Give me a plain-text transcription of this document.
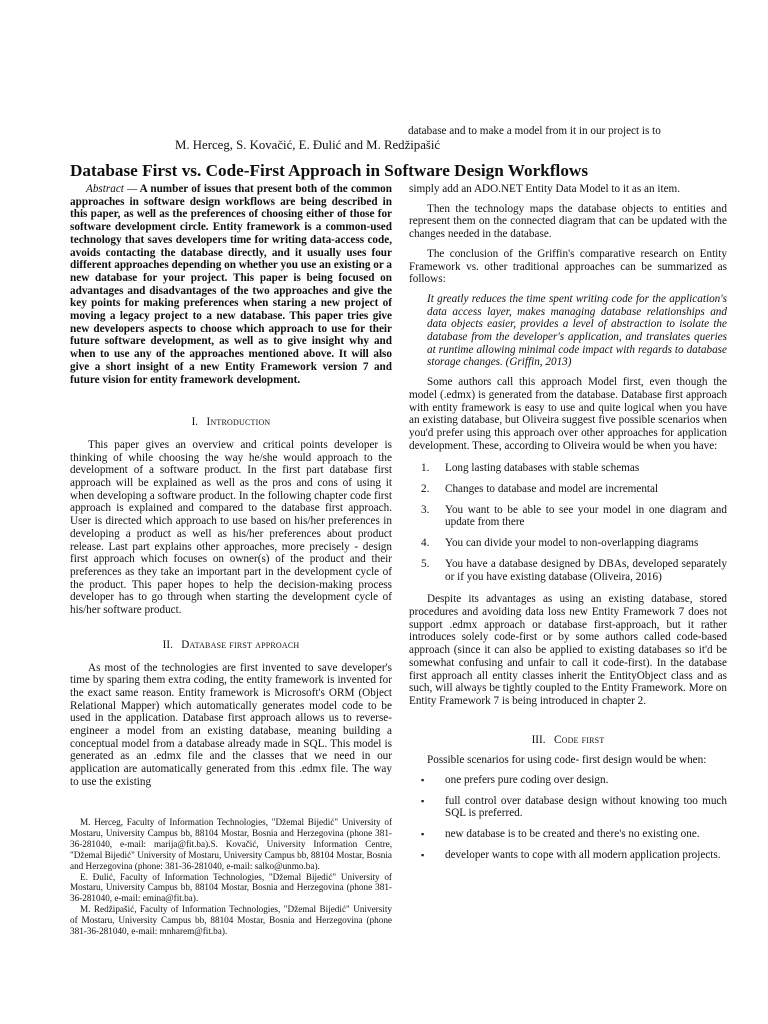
database and to make a model from it in our project is to
M. Herceg, S. Kovačić, E. Đulić and M. Redžipašić
Database First vs. Code-First Approach in Software Design Workflows

Abstract — A number of issues that present both of the common approaches in software design workflows are being described in this paper, as well as the preferences of choosing either of those for software development circle. Entity framework is a common-used technology that saves developers time for writing data-access code, avoids contacting the database directly, and it usually uses four different approaches depending on whether you use an existing or a new database for your project. This paper is being focused on advantages and disadvantages of the two approaches and give the key points for making preferences when staring a new project of moving a legacy project to a new database. This paper tries give new developers aspects to choose which approach to use for their future software development, as well as to give insight why and when to use any of the approaches mentioned above. It will also give a short insight of a new Entity Framework version 7 and future vision for entity framework development.

I. Introduction

This paper gives an overview and critical points developer is thinking of while choosing the way he/she would approach to the development of a software product. In the first part database first approach will be explained as well as the pros and cons of using it when developing a software product. In the following chapter code first approach is explained and compared to the database first approach. User is directed which approach to use based on his/her preferences in developing a product as well as his/her preferences about product release. Last part explains other approaches, more precisely - design first approach which focuses on owner(s) of the product and their preferences as they take an important part in the development cycle of the product. This paper hopes to help the decision-making process developer has to go through when starting the development cycle of his/her software product.

II. Database first approach

As most of the technologies are first invented to save developer's time by sparing them extra coding, the entity framework is invented for the exact same reason. Entity framework is Microsoft's ORM (Object Relational Mapper) which automatically generates model code to be used in the application. Database first approach allows us to reverse-engineer a model from an existing database, meaning building a conceptual model from a database already made in SQL. This model is generated as an .edmx file and the classes that we need in our application are automatically generated from this .edmx file. The way to use the existing

M. Herceg, Faculty of Information Technologies, "Džemal Bijedić" University of Mostaru, University Campus bb, 88104 Mostar, Bosnia and Herzegovina (phone 381-36-281040, e-mail: marija@fit.ba).S. Kovačić, University Information Centre, "Džemal Bijedić" University of Mostaru, University Campus bb, 88104 Mostar, Bosnia and Herzegovina (phone: 381-36-281040, e-mail: salko@unmo.ba).

E. Đulić, Faculty of Information Technologies, "Džemal Bijedić" University of Mostaru, University Campus bb, 88104 Mostar, Bosnia and Herzegovina (phone 381-36-281040, e-mail: emina@fit.ba).

M. Redžipašić, Faculty of Information Technologies, "Džemal Bijedić" University of Mostaru, University Campus bb, 88104 Mostar, Bosnia and Herzegovina (phone 381-36-281040, e-mail: mnharem@fit.ba).

simply add an ADO.NET Entity Data Model to it as an item.

Then the technology maps the database objects to entities and represent them on the connected diagram that can be updated with the changes needed in the database.

The conclusion of the Griffin's comparative research on Entity Framework vs. other traditional approaches can be summarized as follows:

It greatly reduces the time spent writing code for the application's data access layer, makes managing database relationships and data objects easier, provides a level of abstraction to isolate the database from the developer's application, and translates queries at runtime allowing minimal code impact with regards to database storage changes. (Griffin, 2013)

Some authors call this approach Model first, even though the model (.edmx) is generated from the database. Database first approach with entity framework is easy to use and quite logical when you have an existing database, but Oliveira suggest five possible scenarios when you'd prefer using this approach over other approaches for application development. These, according to Oliveira would be when you have:

1. Long lasting databases with stable schemas
2. Changes to database and model are incremental
3. You want to be able to see your model in one diagram and update from there
4. You can divide your model to non-overlapping diagrams
5. You have a database designed by DBAs, developed separately or if you have existing database (Oliveira, 2016)

Despite its advantages as using an existing database, stored procedures and avoiding data loss new Entity Framework 7 does not support .edmx approach or database first-approach, but it rather introduces solely code-first or by some authors called code-based approach (since it can also be applied to existing databases so it'd be somewhat confusing and unfair to call it code-first). In the database first approach all entity classes inherit the EntityObject class and as such, will always be tightly coupled to the Entity Framework. More on Entity Framework 7 is being introduced in chapter 2.

III. Code first

Possible scenarios for using code- first design would be when:

▪ one prefers pure coding over design.
▪ full control over database design without knowing too much SQL is preferred.
▪ new database is to be created and there's no existing one.
▪ developer wants to cope with all modern application projects.
